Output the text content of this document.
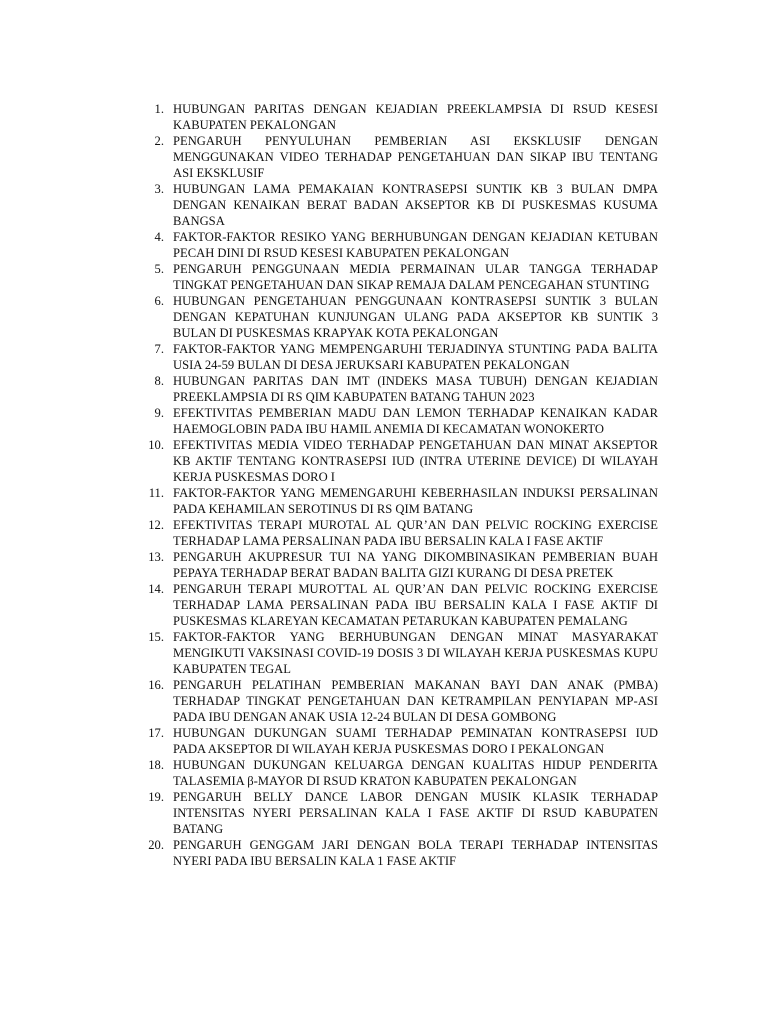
1. HUBUNGAN PARITAS DENGAN KEJADIAN PREEKLAMPSIA DI RSUD KESESI KABUPATEN PEKALONGAN
2. PENGARUH PENYULUHAN PEMBERIAN ASI EKSKLUSIF DENGAN MENGGUNAKAN VIDEO TERHADAP PENGETAHUAN DAN SIKAP IBU TENTANG ASI EKSKLUSIF
3. HUBUNGAN LAMA PEMAKAIAN KONTRASEPSI SUNTIK KB 3 BULAN DMPA DENGAN KENAIKAN BERAT BADAN AKSEPTOR KB DI PUSKESMAS KUSUMA BANGSA
4. FAKTOR-FAKTOR RESIKO YANG BERHUBUNGAN DENGAN KEJADIAN KETUBAN PECAH DINI DI RSUD KESESI KABUPATEN PEKALONGAN
5. PENGARUH PENGGUNAAN MEDIA PERMAINAN ULAR TANGGA TERHADAP TINGKAT PENGETAHUAN DAN SIKAP REMAJA DALAM PENCEGAHAN STUNTING
6. HUBUNGAN PENGETAHUAN PENGGUNAAN KONTRASEPSI SUNTIK 3 BULAN DENGAN KEPATUHAN KUNJUNGAN ULANG PADA AKSEPTOR KB SUNTIK 3 BULAN DI PUSKESMAS KRAPYAK KOTA PEKALONGAN
7. FAKTOR-FAKTOR YANG MEMPENGARUHI TERJADINYA STUNTING PADA BALITA USIA 24-59 BULAN DI DESA JERUKSARI KABUPATEN PEKALONGAN
8. HUBUNGAN PARITAS DAN IMT (INDEKS MASA TUBUH) DENGAN KEJADIAN PREEKLAMPSIA DI RS QIM KABUPATEN BATANG TAHUN 2023
9. EFEKTIVITAS PEMBERIAN MADU DAN LEMON TERHADAP KENAIKAN KADAR HAEMOGLOBIN PADA IBU HAMIL ANEMIA DI KECAMATAN WONOKERTO
10. EFEKTIVITAS MEDIA VIDEO TERHADAP PENGETAHUAN DAN MINAT AKSEPTOR KB AKTIF TENTANG KONTRASEPSI IUD (INTRA UTERINE DEVICE) DI WILAYAH KERJA PUSKESMAS DORO I
11. FAKTOR-FAKTOR YANG MEMENGARUHI KEBERHASILAN INDUKSI PERSALINAN PADA KEHAMILAN SEROTINUS DI RS QIM BATANG
12. EFEKTIVITAS TERAPI MUROTAL AL QUR’AN DAN PELVIC ROCKING EXERCISE TERHADAP LAMA PERSALINAN PADA IBU BERSALIN KALA I FASE AKTIF
13. PENGARUH AKUPRESUR TUI NA YANG DIKOMBINASIKAN PEMBERIAN BUAH PEPAYA TERHADAP BERAT BADAN BALITA GIZI KURANG DI DESA PRETEK
14. PENGARUH TERAPI MUROTTAL AL QUR’AN DAN PELVIC ROCKING EXERCISE TERHADAP LAMA PERSALINAN PADA IBU BERSALIN KALA I FASE AKTIF DI PUSKESMAS KLAREYAN KECAMATAN PETARUKAN KABUPATEN PEMALANG
15. FAKTOR-FAKTOR YANG BERHUBUNGAN DENGAN MINAT MASYARAKAT MENGIKUTI VAKSINASI COVID-19 DOSIS 3 DI WILAYAH KERJA PUSKESMAS KUPU KABUPATEN TEGAL
16. PENGARUH PELATIHAN PEMBERIAN MAKANAN BAYI DAN ANAK (PMBA) TERHADAP TINGKAT PENGETAHUAN DAN KETRAMPILAN PENYIAPAN MP-ASI PADA IBU DENGAN ANAK USIA 12-24 BULAN DI DESA GOMBONG
17. HUBUNGAN DUKUNGAN SUAMI TERHADAP PEMINATAN KONTRASEPSI IUD PADA AKSEPTOR DI WILAYAH KERJA PUSKESMAS DORO I PEKALONGAN
18. HUBUNGAN DUKUNGAN KELUARGA DENGAN KUALITAS HIDUP PENDERITA TALASEMIA β-MAYOR DI RSUD KRATON KABUPATEN PEKALONGAN
19. PENGARUH BELLY DANCE LABOR DENGAN MUSIK KLASIK TERHADAP INTENSITAS NYERI PERSALINAN KALA I FASE AKTIF DI RSUD KABUPATEN BATANG
20. PENGARUH GENGGAM JARI DENGAN BOLA TERAPI TERHADAP INTENSITAS NYERI PADA IBU BERSALIN KALA 1 FASE AKTIF
